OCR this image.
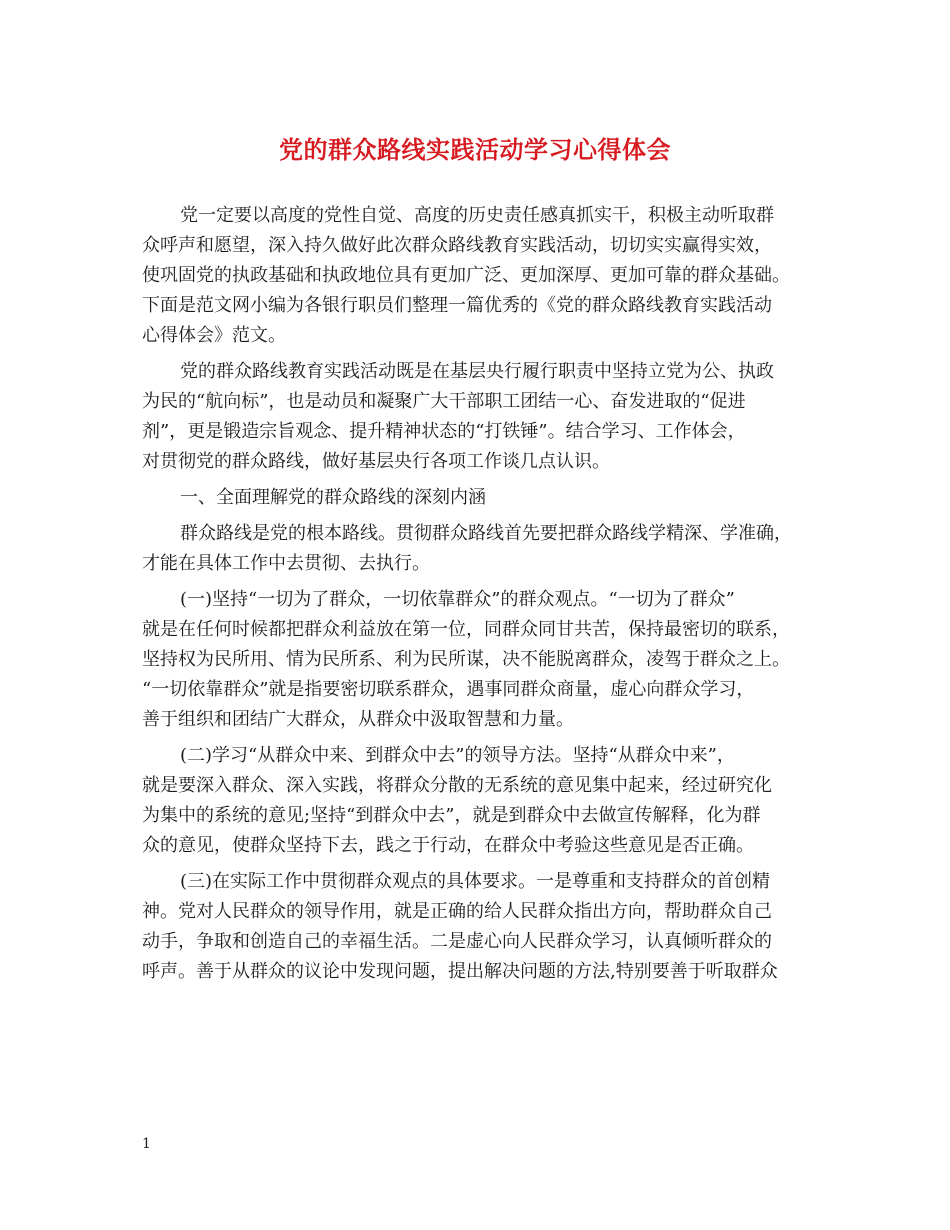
党的群众路线实践活动学习心得体会
党一定要以高度的党性自觉、高度的历史责任感真抓实干，积极主动听取群
众呼声和愿望，深入持久做好此次群众路线教育实践活动，切切实实赢得实效，
使巩固党的执政基础和执政地位具有更加广泛、更加深厚、更加可靠的群众基础。
下面是范文网小编为各银行职员们整理一篇优秀的《党的群众路线教育实践活动
心得体会》范文。
党的群众路线教育实践活动既是在基层央行履行职责中坚持立党为公、执政
为民的“航向标”，也是动员和凝聚广大干部职工团结一心、奋发进取的“促进
剂”，更是锻造宗旨观念、提升精神状态的“打铁锤”。结合学习、工作体会，
对贯彻党的群众路线，做好基层央行各项工作谈几点认识。
一、全面理解党的群众路线的深刻内涵
群众路线是党的根本路线。贯彻群众路线首先要把群众路线学精深、学准确，
才能在具体工作中去贯彻、去执行。
(一)坚持“一切为了群众，一切依靠群众”的群众观点。“一切为了群众”
就是在任何时候都把群众利益放在第一位，同群众同甘共苦，保持最密切的联系，
坚持权为民所用、情为民所系、利为民所谋，决不能脱离群众，凌驾于群众之上。
“一切依靠群众”就是指要密切联系群众，遇事同群众商量，虚心向群众学习，
善于组织和团结广大群众，从群众中汲取智慧和力量。
(二)学习“从群众中来、到群众中去”的领导方法。坚持“从群众中来”，
就是要深入群众、深入实践，将群众分散的无系统的意见集中起来，经过研究化
为集中的系统的意见;坚持“到群众中去”，就是到群众中去做宣传解释，化为群
众的意见，使群众坚持下去，践之于行动，在群众中考验这些意见是否正确。
(三)在实际工作中贯彻群众观点的具体要求。一是尊重和支持群众的首创精
神。党对人民群众的领导作用，就是正确的给人民群众指出方向，帮助群众自己
动手，争取和创造自己的幸福生活。二是虚心向人民群众学习，认真倾听群众的
呼声。善于从群众的议论中发现问题，提出解决问题的方法,特别要善于听取群众
1
